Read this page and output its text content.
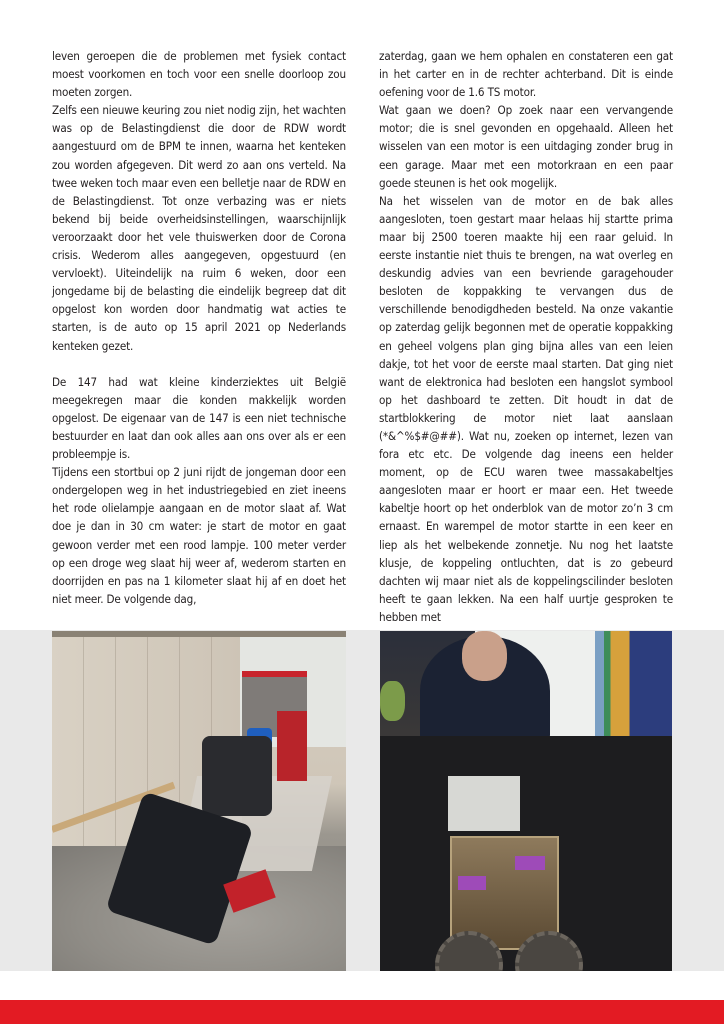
leven geroepen die de problemen met fysiek contact moest voorkomen en toch voor een snelle doorloop zou moeten zorgen.

Zelfs een nieuwe keuring zou niet nodig zijn, het wachten was op de Belastingdienst die door de RDW wordt aangestuurd om de BPM te innen, waarna het kenteken zou worden afgegeven. Dit werd zo aan ons verteld. Na twee weken toch maar even een belletje naar de RDW en de Belastingdienst. Tot onze verbazing was er niets bekend bij beide overheidsinstellingen, waarschijnlijk veroorzaakt door het vele thuiswerken door de Corona crisis. Wederom alles aangegeven, opgestuurd (en vervloekt). Uiteindelijk na ruim 6 weken, door een jongedame bij de belasting die eindelijk begreep dat dit opgelost kon worden door handmatig wat acties te starten, is de auto op 15 april 2021 op Nederlands kenteken gezet.

De 147 had wat kleine kinderziektes uit België meegekregen maar die konden makkelijk worden opgelost. De eigenaar van de 147 is een niet technische bestuurder en laat dan ook alles aan ons over als er een probleempje is.

Tijdens een stortbui op 2 juni rijdt de jongeman door een ondergelopen weg in het industriegebied en ziet ineens het rode olielampje aangaan en de motor slaat af. Wat doe je dan in 30 cm water: je start de motor en gaat gewoon verder met een rood lampje. 100 meter verder op een droge weg slaat hij weer af, wederom starten en doorrijden en pas na 1 kilometer slaat hij af en doet het niet meer. De volgende dag,

zaterdag, gaan we hem ophalen en constateren een gat in het carter en in de rechter achterband. Dit is einde oefening voor de 1.6 TS motor.

Wat gaan we doen? Op zoek naar een vervangende motor; die is snel gevonden en opgehaald. Alleen het wisselen van een motor is een uitdaging zonder brug in een garage. Maar met een motorkraan en een paar goede steunen is het ook mogelijk.

Na het wisselen van de motor en de bak alles aangesloten, toen gestart maar helaas hij startte prima maar bij 2500 toeren maakte hij een raar geluid. In eerste instantie niet thuis te brengen, na wat overleg en deskundig advies van een bevriende garagehouder besloten de koppakking te vervangen dus de verschillende benodigdheden besteld. Na onze vakantie op zaterdag gelijk begonnen met de operatie koppakking en geheel volgens plan ging bijna alles van een leien dakje, tot het voor de eerste maal starten. Dat ging niet want de elektronica had besloten een hangslot symbool op het dashboard te zetten. Dit houdt in dat de startblokkering de motor niet laat aanslaan (*&^%$#@##). Wat nu, zoeken op internet, lezen van fora etc etc. De volgende dag ineens een helder moment, op de ECU waren twee massakabeltjes aangesloten maar er hoort er maar een. Het tweede kabeltje hoort op het onderblok van de motor zo’n 3 cm ernaast. En warempel de motor startte in een keer en liep als het welbekende zonnetje. Nu nog het laatste klusje, de koppeling ontluchten, dat is zo gebeurd dachten wij maar niet als de koppelingscilinder besloten heeft te gaan lekken. Na een half uurtje gesproken te hebben met
